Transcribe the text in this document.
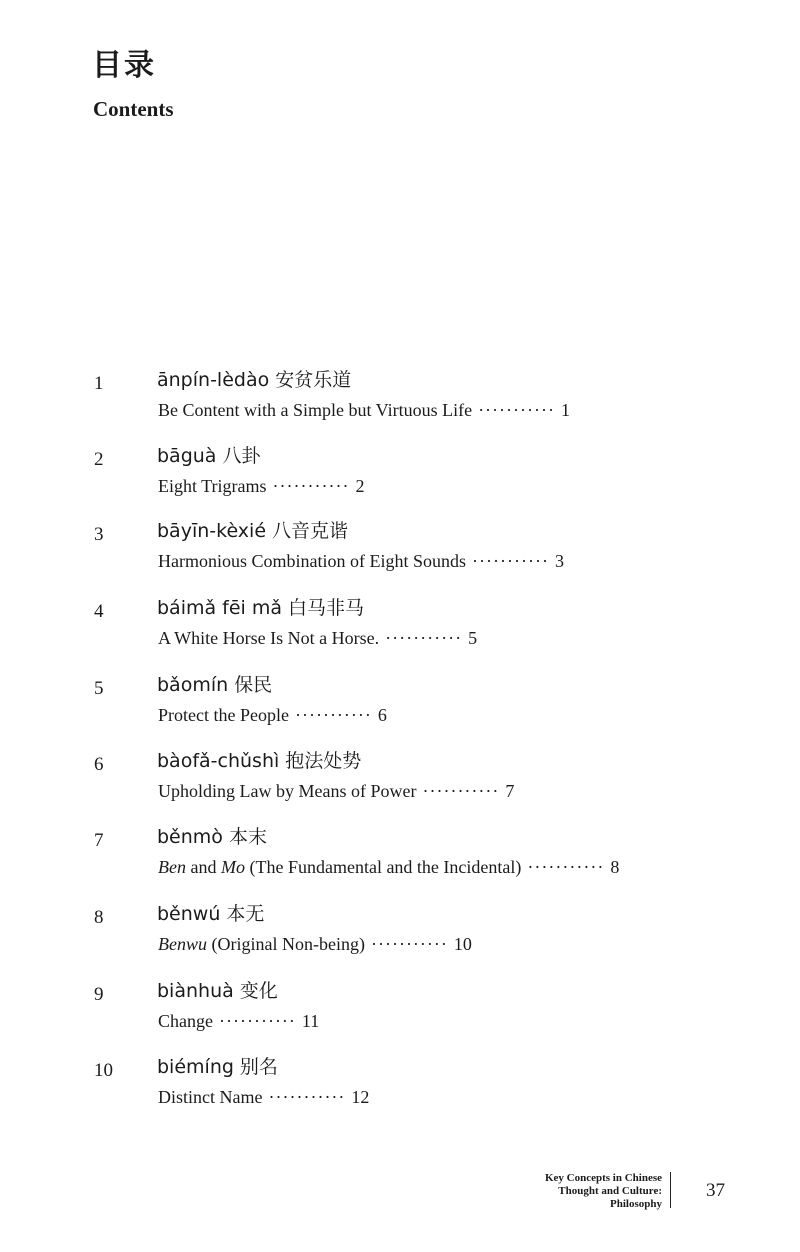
目录
Contents
1	ānpín-lèdào 安贫乐道
Be Content with a Simple but Virtuous Life ··········· 1
2	bāguà 八卦
Eight Trigrams ··········· 2
3	bāyīn-kèxié 八音克谐
Harmonious Combination of Eight Sounds ··········· 3
4	báimǎ fēi mǎ 白马非马
A White Horse Is Not a Horse. ··········· 5
5	bǎomín 保民
Protect the People ··········· 6
6	bàofǎ-chǔshì 抱法处势
Upholding Law by Means of Power ··········· 7
7	běnmò 本末
Ben and Mo (The Fundamental and the Incidental) ··········· 8
8	běnwú 本无
Benwu (Original Non-being) ··········· 10
9	biànhuà 变化
Change ··········· 11
10 biémíng 别名
Distinct Name ··········· 12
Key Concepts in Chinese
Thought and Culture:
Philosophy
37
